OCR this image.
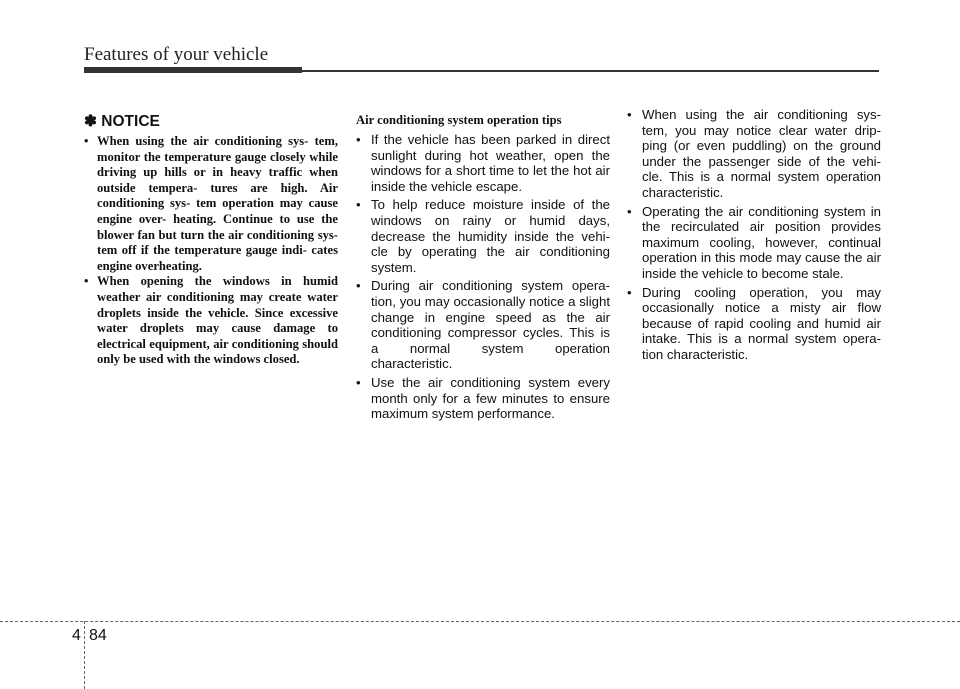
Features of your vehicle
✽ NOTICE
• When using the air conditioning sys- tem, monitor the temperature gauge closely while driving up hills or in heavy traffic when outside tempera- tures are high. Air conditioning sys- tem operation may cause engine over- heating. Continue to use the blower fan but turn the air conditioning sys- tem off if the temperature gauge indi- cates engine overheating.
• When opening the windows in humid weather air conditioning may create water droplets inside the vehicle. Since excessive water droplets may cause damage to electrical equipment, air conditioning should only be used with the windows closed.
Air conditioning system operation tips
• If the vehicle has been parked in direct sunlight during hot weather, open the windows for a short time to let the hot air inside the vehicle escape.
• To help reduce moisture inside of the windows on rainy or humid days, decrease the humidity inside the vehi- cle by operating the air conditioning system.
• During air conditioning system opera- tion, you may occasionally notice a slight change in engine speed as the air conditioning compressor cycles. This is a normal system operation characteristic.
• Use the air conditioning system every month only for a few minutes to ensure maximum system performance.
• When using the air conditioning sys- tem, you may notice clear water drip- ping (or even puddling) on the ground under the passenger side of the vehi- cle. This is a normal system operation characteristic.
• Operating the air conditioning system in the recirculated air position provides maximum cooling, however, continual operation in this mode may cause the air inside the vehicle to become stale.
• During cooling operation, you may occasionally notice a misty air flow because of rapid cooling and humid air intake. This is a normal system opera- tion characteristic.
4 84
